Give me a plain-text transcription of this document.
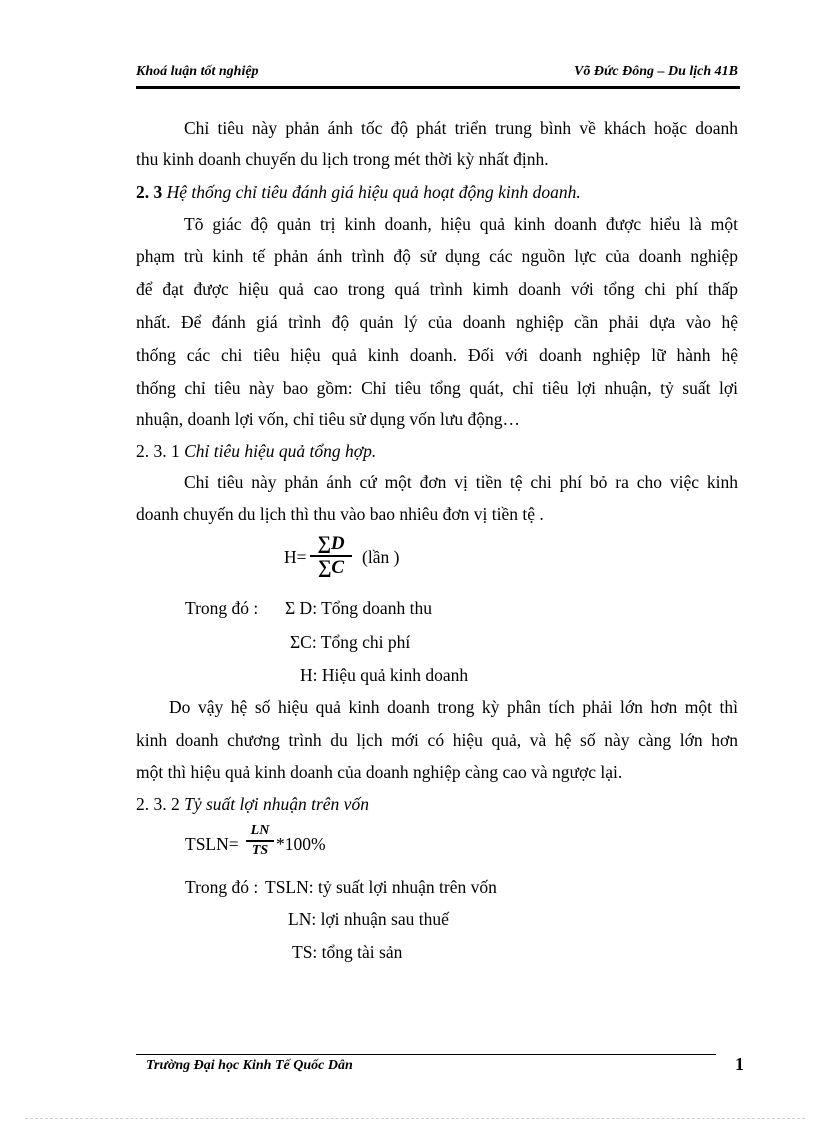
Khoá luận tốt nghiệp	Võ Đức Đông – Du lịch 41B
Chỉ tiêu này phản ánh tốc độ phát triển trung bình về khách hoặc doanh
thu kinh doanh chuyến du lịch trong mét thời kỳ nhất định.
2. 3 Hệ thống chỉ tiêu đánh giá hiệu quả hoạt động kinh doanh.
Tõ giác độ quản trị kinh doanh, hiệu quả kinh doanh được hiểu là một
phạm trù kinh tế phản ánh trình độ sử dụng các nguồn lực của doanh nghiệp
để đạt được hiệu quả cao trong quá trình kimh doanh với tổng chi phí thấp
nhất. Để đánh giá trình độ quản lý của doanh nghiệp cần phải dựa vào hệ
thống các chi tiêu hiệu quả kinh doanh. Đối với doanh nghiệp lữ hành hệ
thống chỉ tiêu này bao gồm: Chỉ tiêu tổng quát, chỉ tiêu lợi nhuận, tỷ suất lợi
nhuận, doanh lợi vốn, chỉ tiêu sử dụng vốn lưu động…
2. 3. 1 Chỉ tiêu hiệu quả tổng hợp.
Chỉ tiêu này phản ánh cứ một đơn vị tiền tệ chi phí bỏ ra cho việc kinh
doanh chuyến du lịch thì thu vào bao nhiêu đơn vị tiền tệ .
H=
∑D
∑C	(lần )
Trong đó : Σ D: Tổng doanh thu
ΣC: Tổng chi phí
H: Hiệu quả kinh doanh
Do vậy hệ số hiệu quả kinh doanh trong kỳ phân tích phải lớn hơn một thì
kinh doanh chương trình du lịch mới có hiệu quả, và hệ số này càng lớn hơn
một thì hiệu quả kinh doanh của doanh nghiệp càng cao và ngược lại.
2. 3. 2 Tỷ suất lợi nhuận trên vốn
TSLN=
LN
TS *100%
Trong đó : TSLN: tỷ suất lợi nhuận trên vốn
LN: lợi nhuận sau thuế
TS: tổng tài sản
Trường Đại học Kinh Tế Quốc Dân	1
